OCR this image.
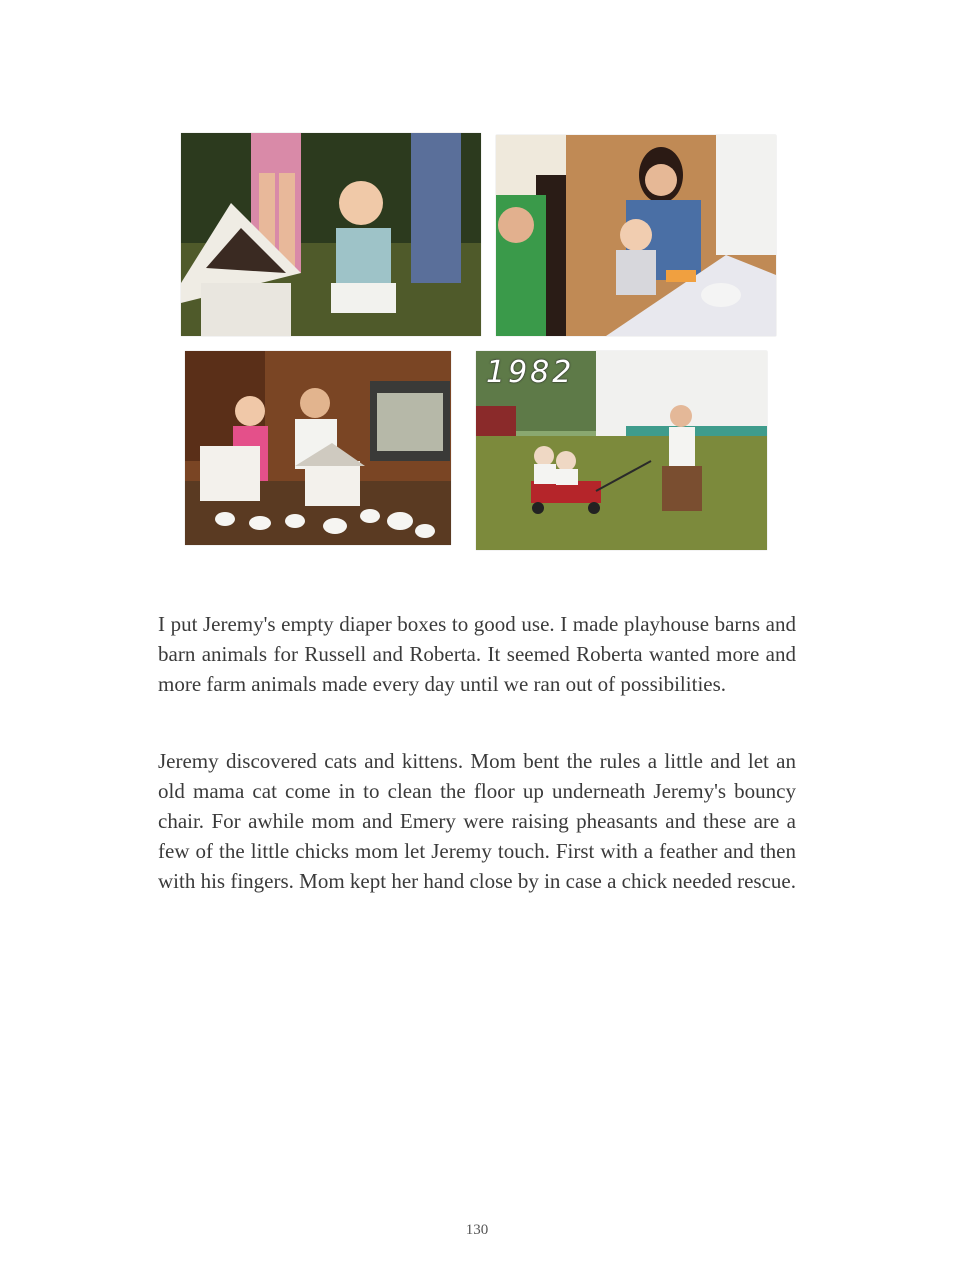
1982

I put Jeremy's empty diaper boxes to good use. I made playhouse barns and barn animals for Russell and Roberta. It seemed Roberta wanted more and more farm animals made every day until we ran out of possibilities.

Jeremy discovered cats and kittens. Mom bent the rules a little and let an old mama cat come in to clean the floor up underneath Jeremy's bouncy chair. For awhile mom and Emery were raising pheasants and these are a few of the little chicks mom let Jeremy touch. First with a feather and then with his fingers. Mom kept her hand close by in case a chick needed rescue.

130
